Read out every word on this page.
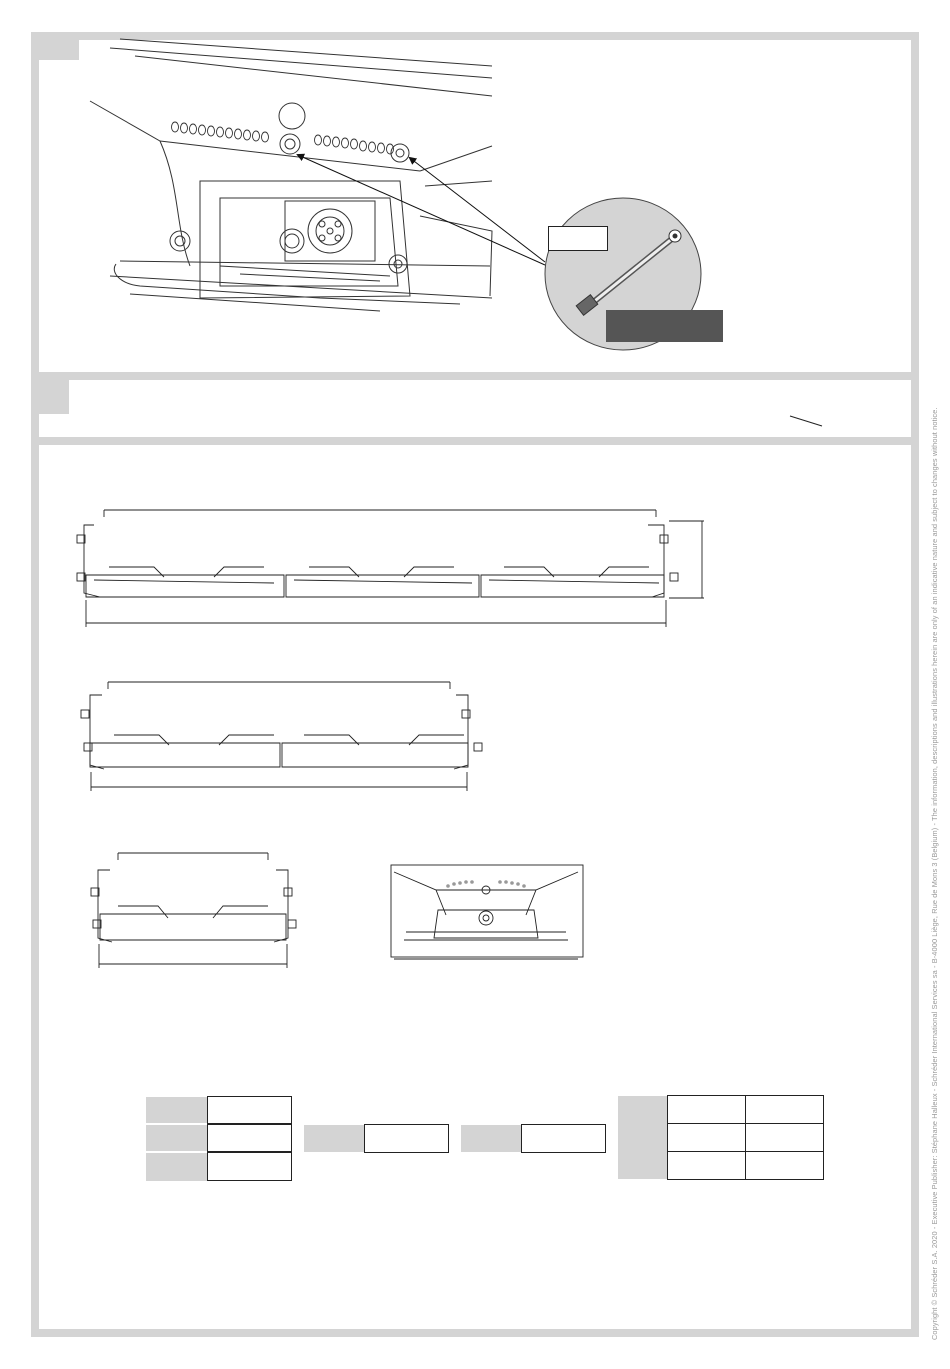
Copyright © Schréder S.A. 2020 - Executive Publisher: Stéphane Halleux - Schréder International Services sa - B-4000 Liège, Rue de Mons 3 (Belgium) - The information, descriptions and illustrations herein are only of an indicative nature and subject to changes without notice.
